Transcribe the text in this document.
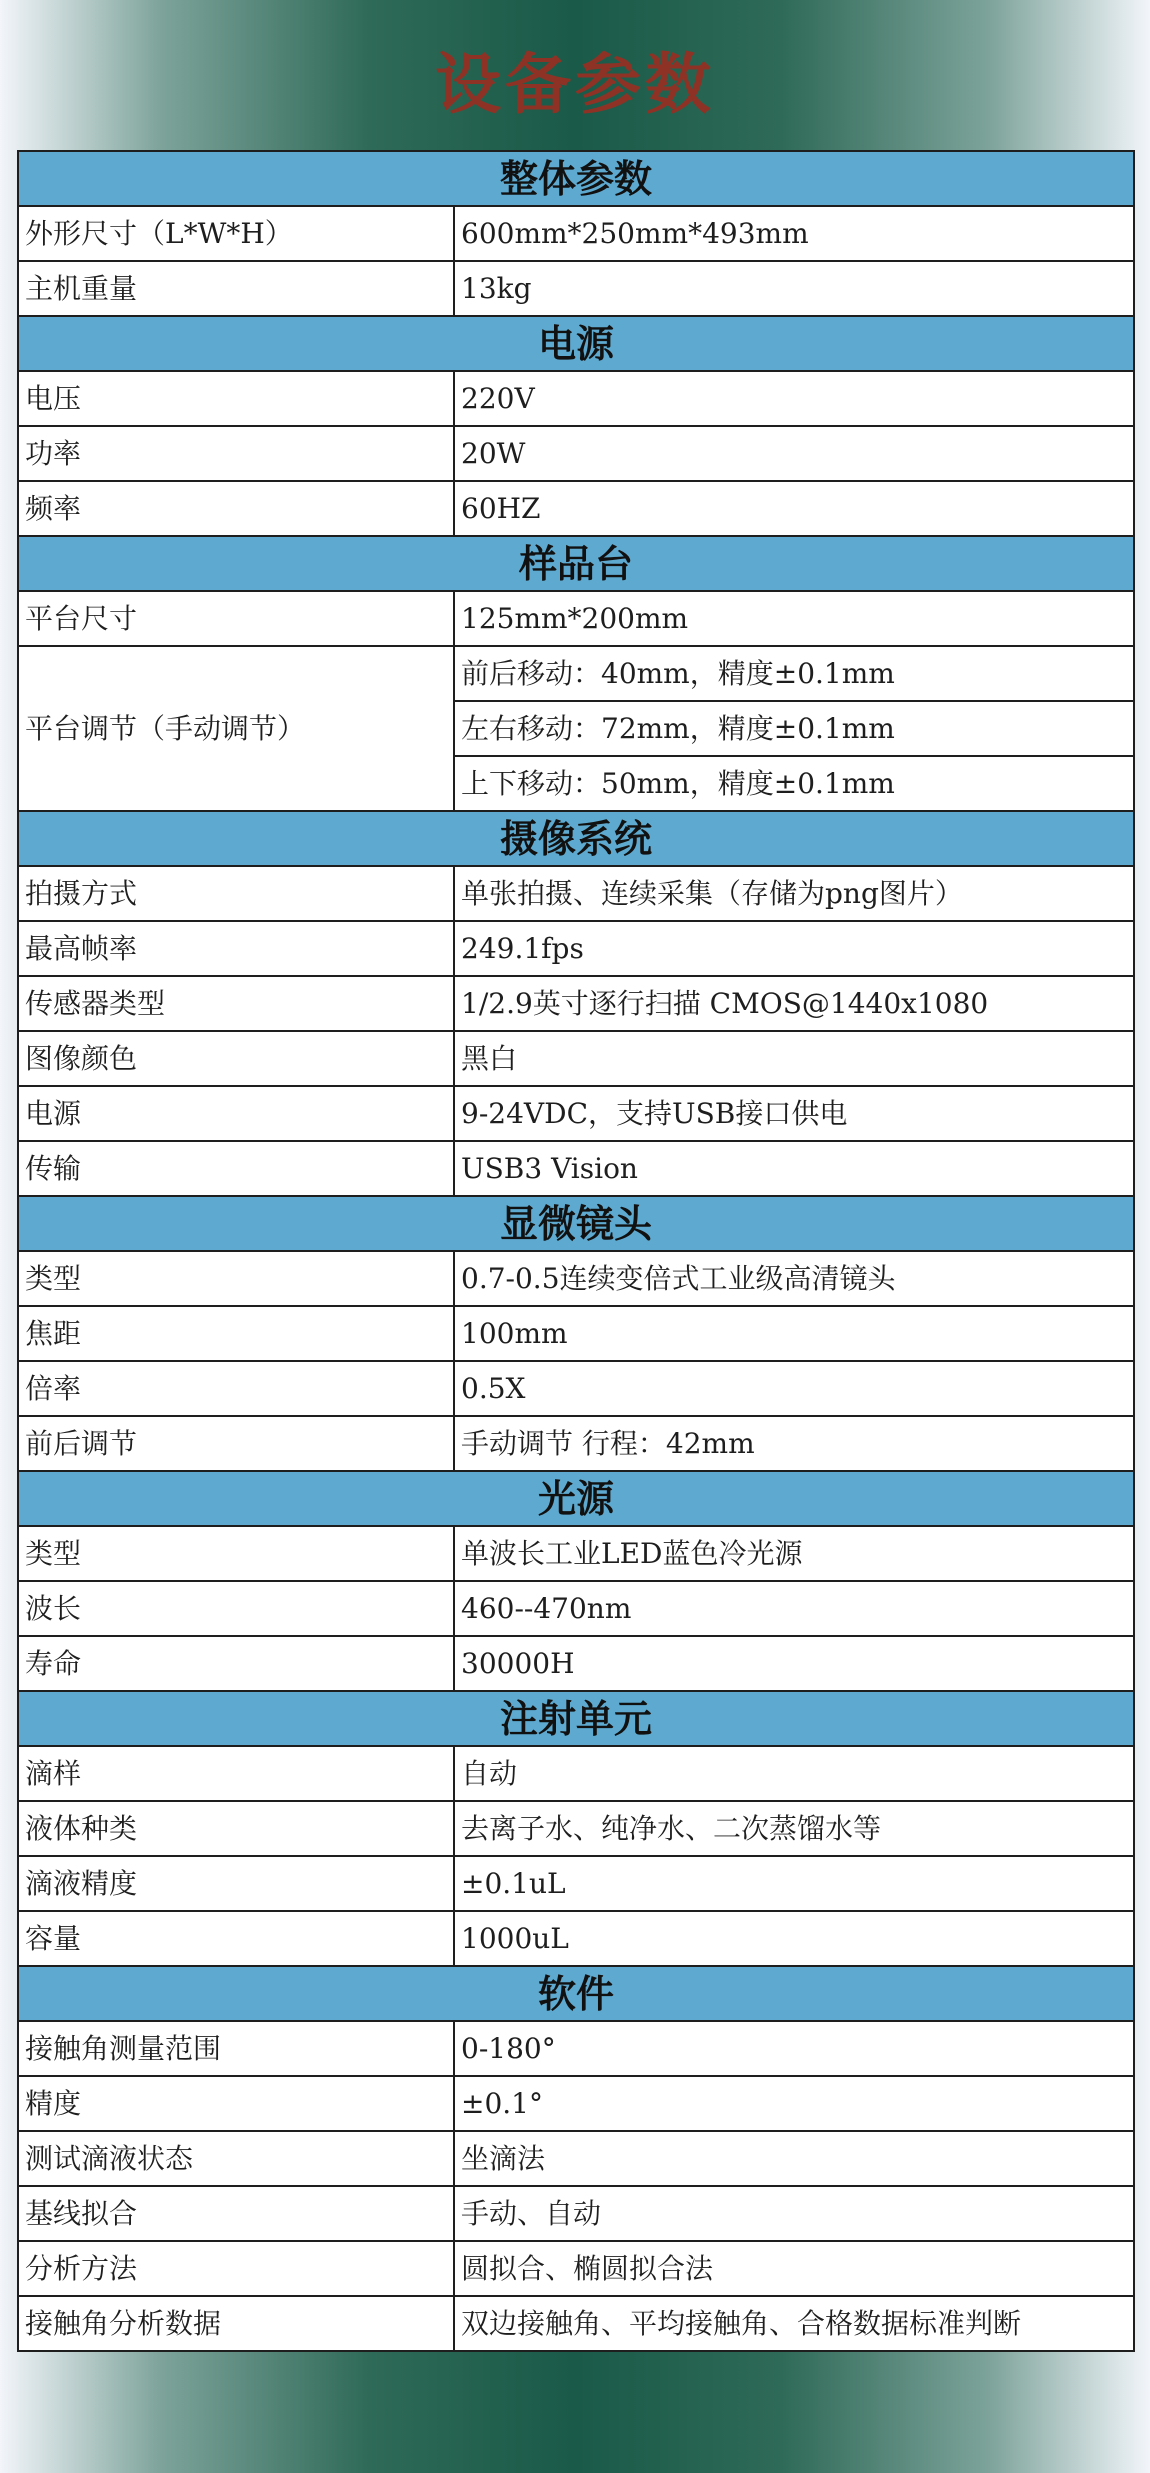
设备参数
整体参数	
外形尺寸（L*W*H）	600mm*250mm*493mm
主机重量	13kg
电源	
电压	220V
功率	20W
频率	60HZ
样品台	
平台尺寸	125mm*200mm
平台调节（手动调节）	前后移动：40mm，精度±0.1mm
	左右移动：72mm，精度±0.1mm
	上下移动：50mm，精度±0.1mm
摄像系统	
拍摄方式	单张拍摄、连续采集（存储为png图片）
最高帧率	249.1fps
传感器类型	1/2.9英寸逐行扫描 CMOS@1440x1080
图像颜色	黑白
电源	9-24VDC，支持USB接口供电
传输	USB3 Vision
显微镜头	
类型	0.7-0.5连续变倍式工业级高清镜头
焦距	100mm
倍率	0.5X
前后调节	手动调节 行程：42mm
光源	
类型	单波长工业LED蓝色冷光源
波长	460--470nm
寿命	30000H
注射单元	
滴样	自动
液体种类	去离子水、纯净水、二次蒸馏水等
滴液精度	±0.1uL
容量	1000uL
软件	
接触角测量范围	0-180°
精度	±0.1°
测试滴液状态	坐滴法
基线拟合	手动、自动
分析方法	圆拟合、椭圆拟合法
接触角分析数据	双边接触角、平均接触角、合格数据标准判断
